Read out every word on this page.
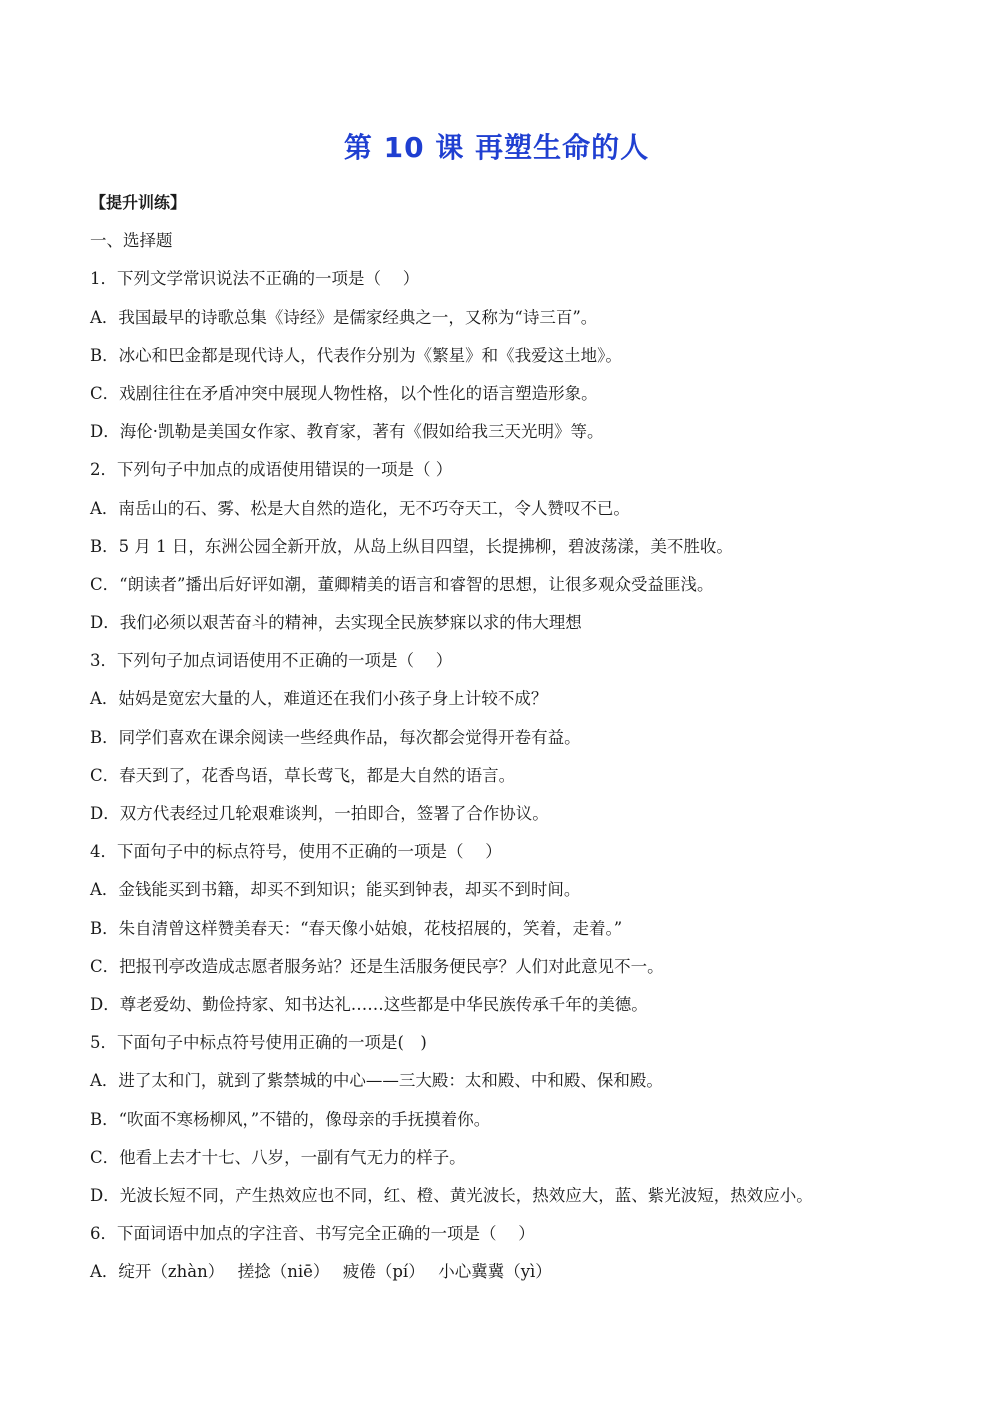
第 10 课 再塑生命的人
【提升训练】
一、选择题
1．下列文学常识说法不正确的一项是（　 ）
A．我国最早的诗歌总集《诗经》是儒家经典之一，又称为“诗三百”。
B．冰心和巴金都是现代诗人，代表作分别为《繁星》和《我爱这土地》。
C．戏剧往往在矛盾冲突中展现人物性格，以个性化的语言塑造形象。
D．海伦·凯勒是美国女作家、教育家，著有《假如给我三天光明》等。
2．下列句子中加点的成语使用错误的一项是（ ）
A．南岳山的石、雾、松是大自然的造化，无不巧夺天工，令人赞叹不已。
B．5 月 1 日，东洲公园全新开放，从岛上纵目四望，长提拂柳，碧波荡漾，美不胜收。
C．“朗读者”播出后好评如潮，董卿精美的语言和睿智的思想，让很多观众受益匪浅。
D．我们必须以艰苦奋斗的精神，去实现全民族梦寐以求的伟大理想
3．下列句子加点词语使用不正确的一项是（　 ）
A．姑妈是宽宏大量的人，难道还在我们小孩子身上计较不成？
B．同学们喜欢在课余阅读一些经典作品，每次都会觉得开卷有益。
C．春天到了，花香鸟语，草长莺飞，都是大自然的语言。
D．双方代表经过几轮艰难谈判，一拍即合，签署了合作协议。
4．下面句子中的标点符号，使用不正确的一项是（　 ）
A．金钱能买到书籍，却买不到知识；能买到钟表，却买不到时间。
B．朱自清曾这样赞美春天：“春天像小姑娘，花枝招展的，笑着，走着。”
C．把报刊亭改造成志愿者服务站？还是生活服务便民亭？人们对此意见不一。
D．尊老爱幼、勤俭持家、知书达礼……这些都是中华民族传承千年的美德。
5．下面句子中标点符号使用正确的一项是(　)
A．进了太和门，就到了紫禁城的中心——三大殿：太和殿、中和殿、保和殿。
B．“吹面不寒杨柳风，”不错的，像母亲的手抚摸着你。
C．他看上去才十七、八岁，一副有气无力的样子。
D．光波长短不同，产生热效应也不同，红、橙、黄光波长，热效应大，蓝、紫光波短，热效应小。
6．下面词语中加点的字注音、书写完全正确的一项是（　 ）
A．绽开（zhàn）　 搓捻（niē）　 疲倦（pí）　 小心冀冀（yì）
